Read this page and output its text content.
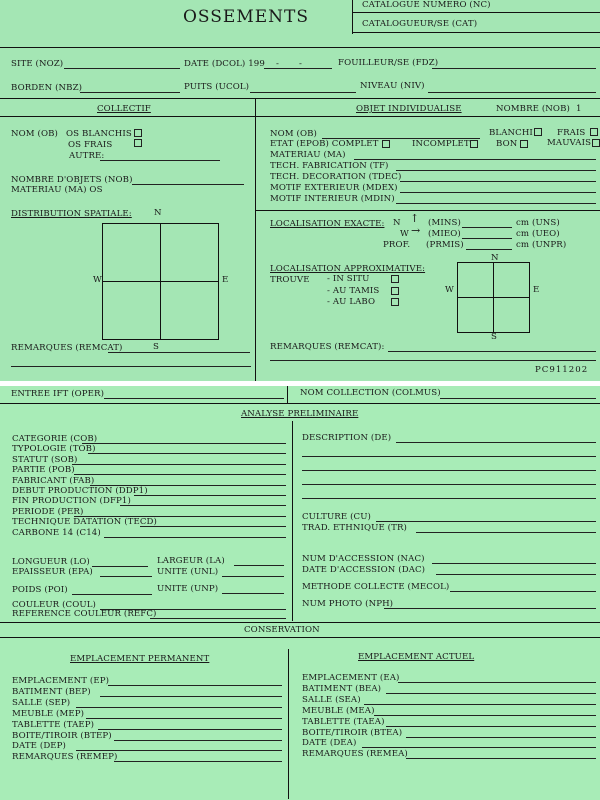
OSSEMENTS
CATALOGUE NUMERO (NC)
CATALOGUEUR/SE (CAT)
SITE (NOZ)	DATE (DCOL) 199 - -	FOUILLEUR/SE (FDZ)
BORDEN (NBZ)	PUITS (UCOL)	NIVEAU (NIV)
COLLECTIF
NOM (OB) OS BLANCHIS
OS FRAIS
AUTRE:
NOMBRE D'OBJETS (NOB)
MATERIAU (MA) OS
DISTRIBUTION SPATIALE:	N
W	E
S
REMARQUES (REMCAT)
OBJET INDIVIDUALISE	NOMBRE (NOB) 1
NOM (OB)	BLANCHI	FRAIS
ETAT (EPOB) COMPLET	INCOMPLET	BON	MAUVAIS
MATERIAU (MA)
TECH. FABRICATION (TF)
TECH. DECORATION (TDEC)
MOTIF EXTERIEUR (MDEX)
MOTIF INTERIEUR (MDIN)
LOCALISATION EXACTE: N ↑ (MINS)	cm (UNS)
W → (MIEO)	cm (UEO)
PROF. (PRMIS)	cm (UNPR)
LOCALISATION APPROXIMATIVE:
TROUVE - IN SITU
- AU TAMIS
- AU LABO
N
W	E
S
REMARQUES (REMCAT):
PC911202
ENTREE IFT (OPER)	NOM COLLECTION (COLMUS)
ANALYSE PRELIMINAIRE
CATEGORIE (COB)
TYPOLOGIE (TOB)
STATUT (SOB)
PARTIE (POB)
FABRICANT (FAB)
DEBUT PRODUCTION (DDP1)
FIN PRODUCTION (DFP1)
PERIODE (PER)
TECHNIQUE DATATION (TECD)
CARBONE 14 (C14)
LONGUEUR (LO)	LARGEUR (LA)
EPAISSEUR (EPA)	UNITE (UNL)
POIDS (POI)	UNITE (UNP)
COULEUR (COUL)
REFERENCE COULEUR (REFC)
DESCRIPTION (DE)
CULTURE (CU)
TRAD. ETHNIQUE (TR)
NUM D'ACCESSION (NAC)
DATE D'ACCESSION (DAC)
METHODE COLLECTE (MECOL)
NUM PHOTO (NPH)
CONSERVATION
EMPLACEMENT PERMANENT	EMPLACEMENT ACTUEL
EMPLACEMENT (EP)
BATIMENT (BEP)
SALLE (SEP)
MEUBLE (MEP)
TABLETTE (TAEP)
BOITE/TIROIR (BTEP)
DATE (DEP)
REMARQUES (REMEP)
EMPLACEMENT (EA)
BATIMENT (BEA)
SALLE (SEA)
MEUBLE (MEA)
TABLETTE (TAEA)
BOITE/TIROIR (BTEA)
DATE (DEA)
REMARQUES (REMEA)
